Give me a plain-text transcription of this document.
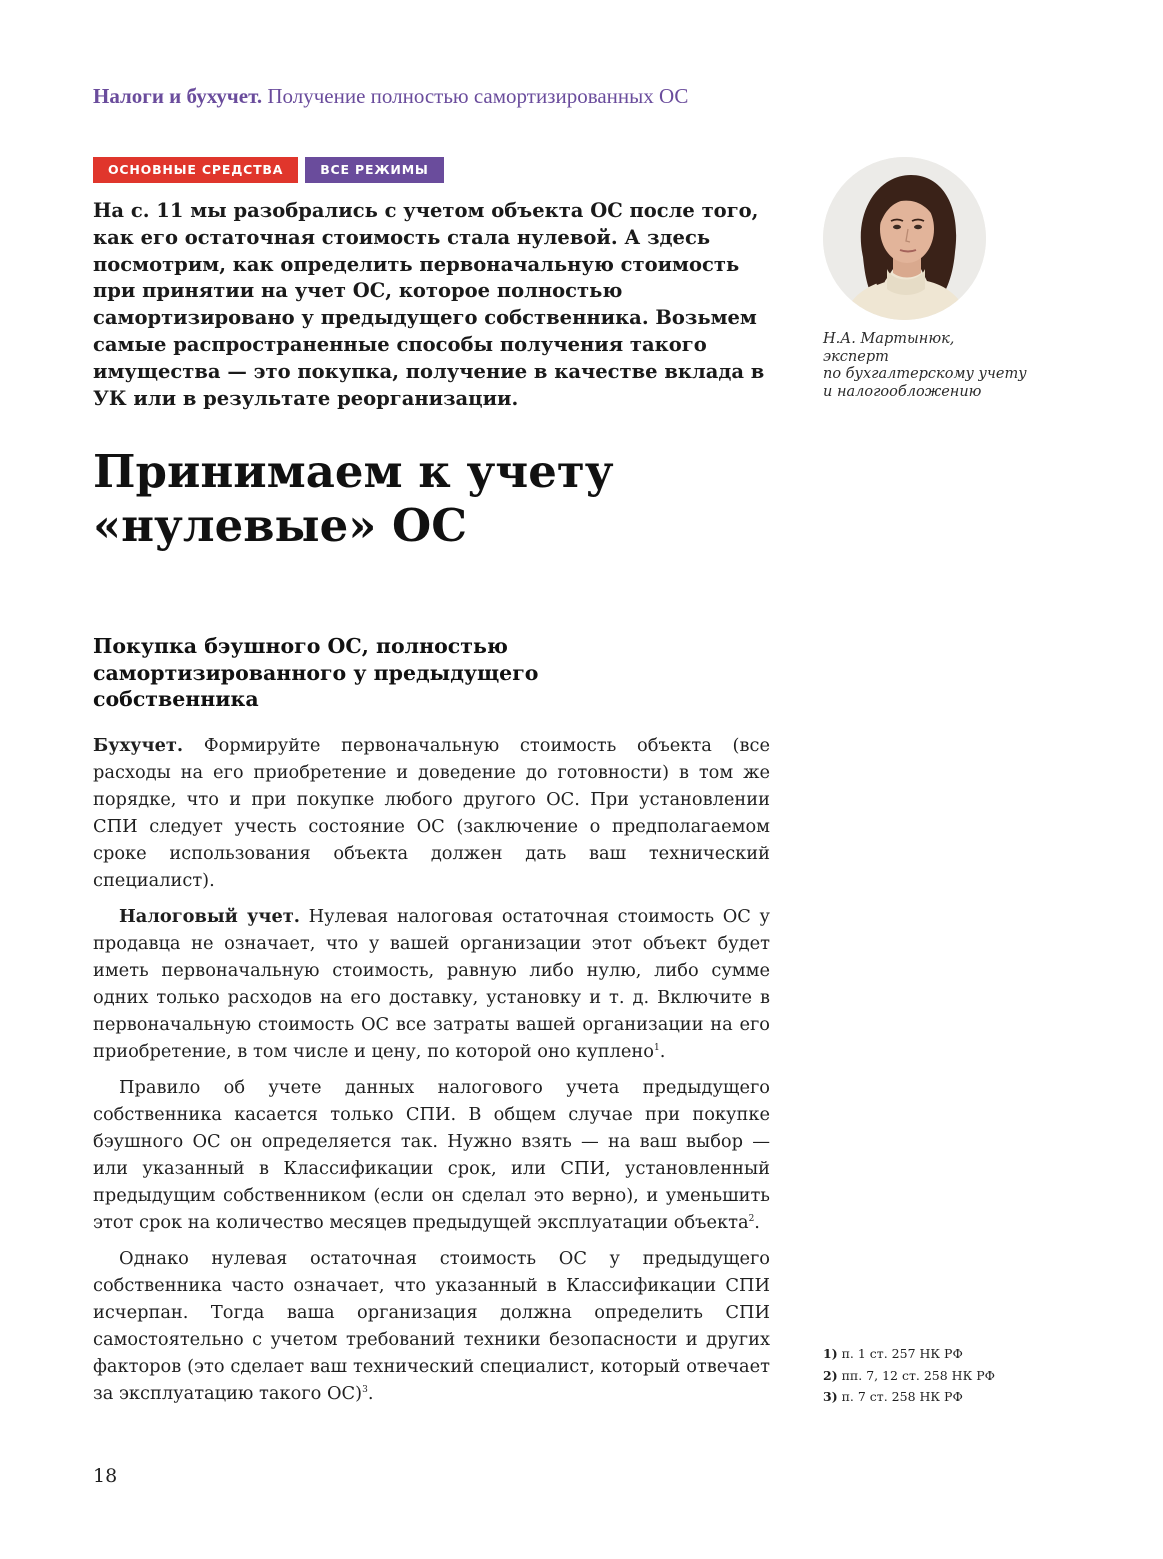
Налоги и бухучет. Получение полностью самортизированных ОС
ОСНОВНЫЕ СРЕДСТВА	ВСЕ РЕЖИМЫ

На с. 11 мы разобрались с учетом объекта ОС после того, как его остаточная стоимость стала нулевой. А здесь посмотрим, как определить первоначальную стоимость при принятии на учет ОС, которое полностью самортизировано у предыдущего собственника. Возьмем самые распространенные способы получения такого имущества — это покупка, получение в качестве вклада в УК или в результате реорганизации.

Н.А. Мартынюк,
эксперт
по бухгалтерскому учету
и налогообложению
Принимаем к учету
«нулевые» ОС
Покупка бэушного ОС, полностью
самортизированного у предыдущего
собственника

Бухучет. Формируйте первоначальную стоимость объекта (все расходы на его приобретение и доведение до готовности) в том же порядке, что и при покупке любого другого ОС. При установлении СПИ следует учесть состояние ОС (заключение о предполагаемом сроке использования объекта должен дать ваш технический специалист).

Налоговый учет. Нулевая налоговая остаточная стоимость ОС у продавца не означает, что у вашей организации этот объект будет иметь первоначальную стоимость, равную либо нулю, либо сумме одних только расходов на его доставку, установку и т. д. Включите в первоначальную стоимость ОС все затраты вашей организации на его приобретение, в том числе и цену, по которой оно куплено$^1$.

Правило об учете данных налогового учета предыдущего собственника касается только СПИ. В общем случае при покупке бэушного ОС он определяется так. Нужно взять — на ваш выбор — или указанный в Классификации срок, или СПИ, установленный предыдущим собственником (если он сделал это верно), и уменьшить этот срок на количество месяцев предыдущей эксплуатации объекта$^2$.

Однако нулевая остаточная стоимость ОС у предыдущего собственника часто означает, что указанный в Классификации СПИ исчерпан. Тогда ваша организация должна определить СПИ самостоятельно с учетом требований техники безопасности и других факторов (это сделает ваш технический специалист, который отвечает за эксплуатацию такого ОС)$^3$.

1) п. 1 ст. 257 НК РФ
2) пп. 7, 12 ст. 258 НК РФ
3) п. 7 ст. 258 НК РФ
18
